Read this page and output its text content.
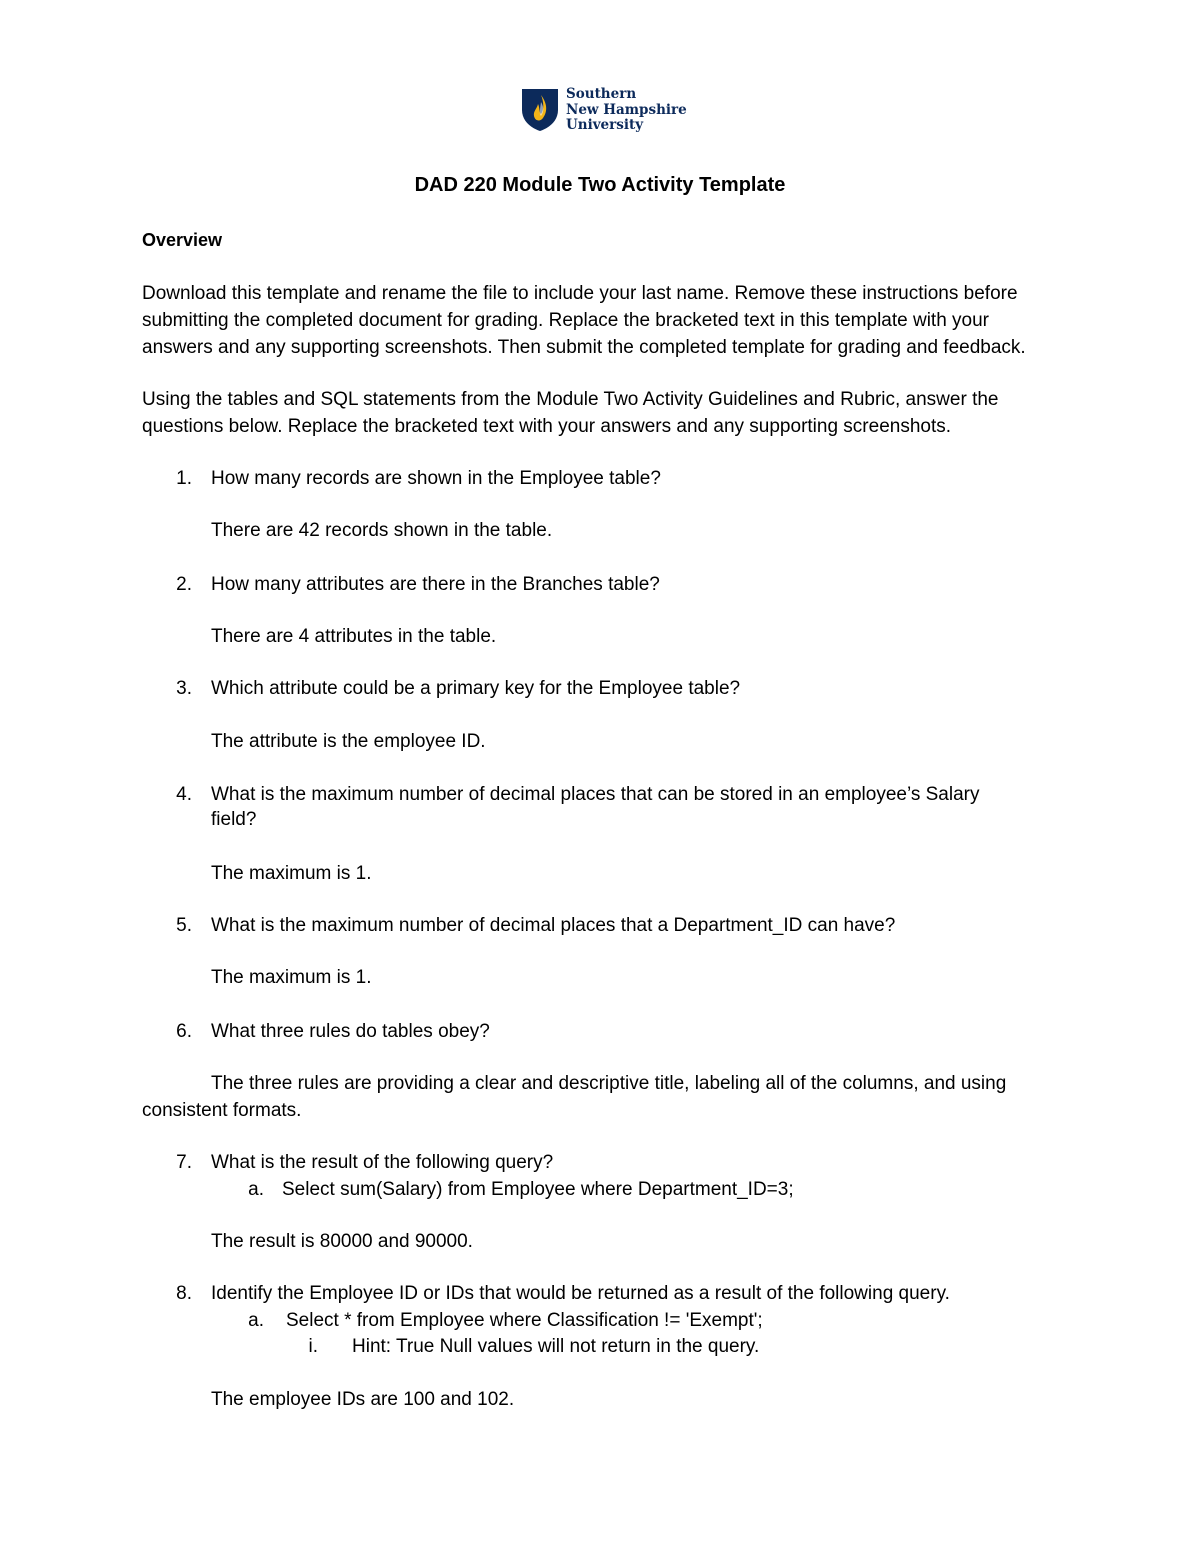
Southern
New Hampshire
University
DAD 220 Module Two Activity Template
Overview
Download this template and rename the file to include your last name. Remove these instructions before
submitting the completed document for grading. Replace the bracketed text in this template with your
answers and any supporting screenshots. Then submit the completed template for grading and feedback.
Using the tables and SQL statements from the Module Two Activity Guidelines and Rubric, answer the
questions below. Replace the bracketed text with your answers and any supporting screenshots.
1. How many records are shown in the Employee table?
There are 42 records shown in the table.
2. How many attributes are there in the Branches table?
There are 4 attributes in the table.
3. Which attribute could be a primary key for the Employee table?
The attribute is the employee ID.
4. What is the maximum number of decimal places that can be stored in an employee’s Salary
field?
The maximum is 1.
5. What is the maximum number of decimal places that a Department_ID can have?
The maximum is 1.
6. What three rules do tables obey?
The three rules are providing a clear and descriptive title, labeling all of the columns, and using
consistent formats.
7. What is the result of the following query?
a. Select sum(Salary) from Employee where Department_ID=3;
The result is 80000 and 90000.
8. Identify the Employee ID or IDs that would be returned as a result of the following query.
a. Select * from Employee where Classification != 'Exempt';
i. Hint: True Null values will not return in the query.
The employee IDs are 100 and 102.
